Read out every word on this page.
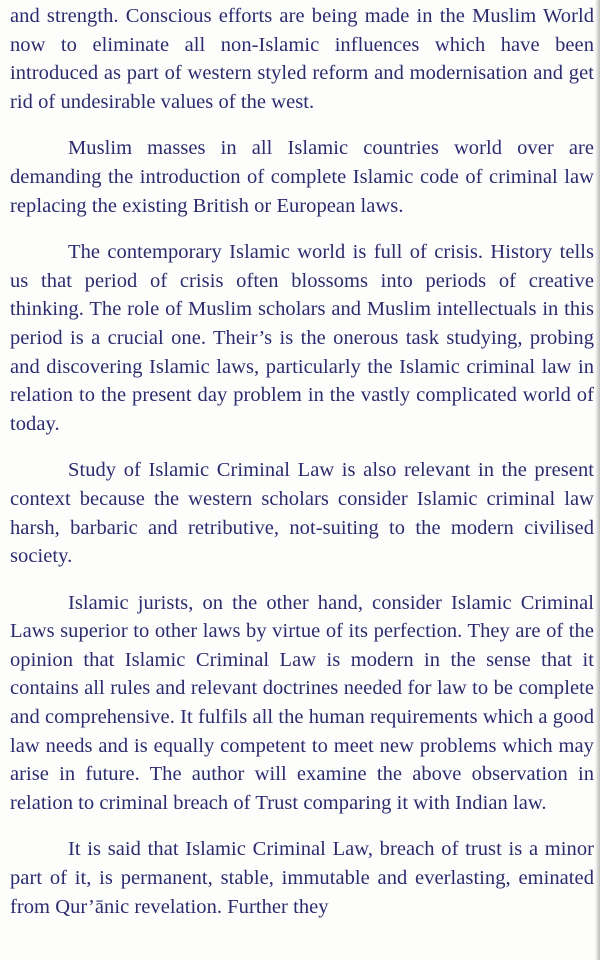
and strength. Conscious efforts are being made in the Muslim World now to eliminate all non-Islamic influences which have been introduced as part of western styled reform and modernisation and get rid of undesirable values of the west.

Muslim masses in all Islamic countries world over are demanding the introduction of complete Islamic code of criminal law replacing the existing British or European laws.

The contemporary Islamic world is full of crisis. History tells us that period of crisis often blossoms into periods of creative thinking. The role of Muslim scholars and Muslim intellectuals in this period is a crucial one. Their’s is the onerous task studying, probing and discovering Islamic laws, particularly the Islamic criminal law in relation to the present day problem in the vastly complicated world of today.

Study of Islamic Criminal Law is also relevant in the present context because the western scholars consider Islamic criminal law harsh, barbaric and retributive, not-suiting to the modern civilised society.

Islamic jurists, on the other hand, consider Islamic Criminal Laws superior to other laws by virtue of its perfection. They are of the opinion that Islamic Criminal Law is modern in the sense that it contains all rules and relevant doctrines needed for law to be complete and comprehensive. It fulfils all the human requirements which a good law needs and is equally competent to meet new problems which may arise in future. The author will examine the above observation in relation to criminal breach of Trust comparing it with Indian law.

It is said that Islamic Criminal Law, breach of trust is a minor part of it, is permanent, stable, immutable and everlasting, eminated from Qur’ānic revelation. Further they
